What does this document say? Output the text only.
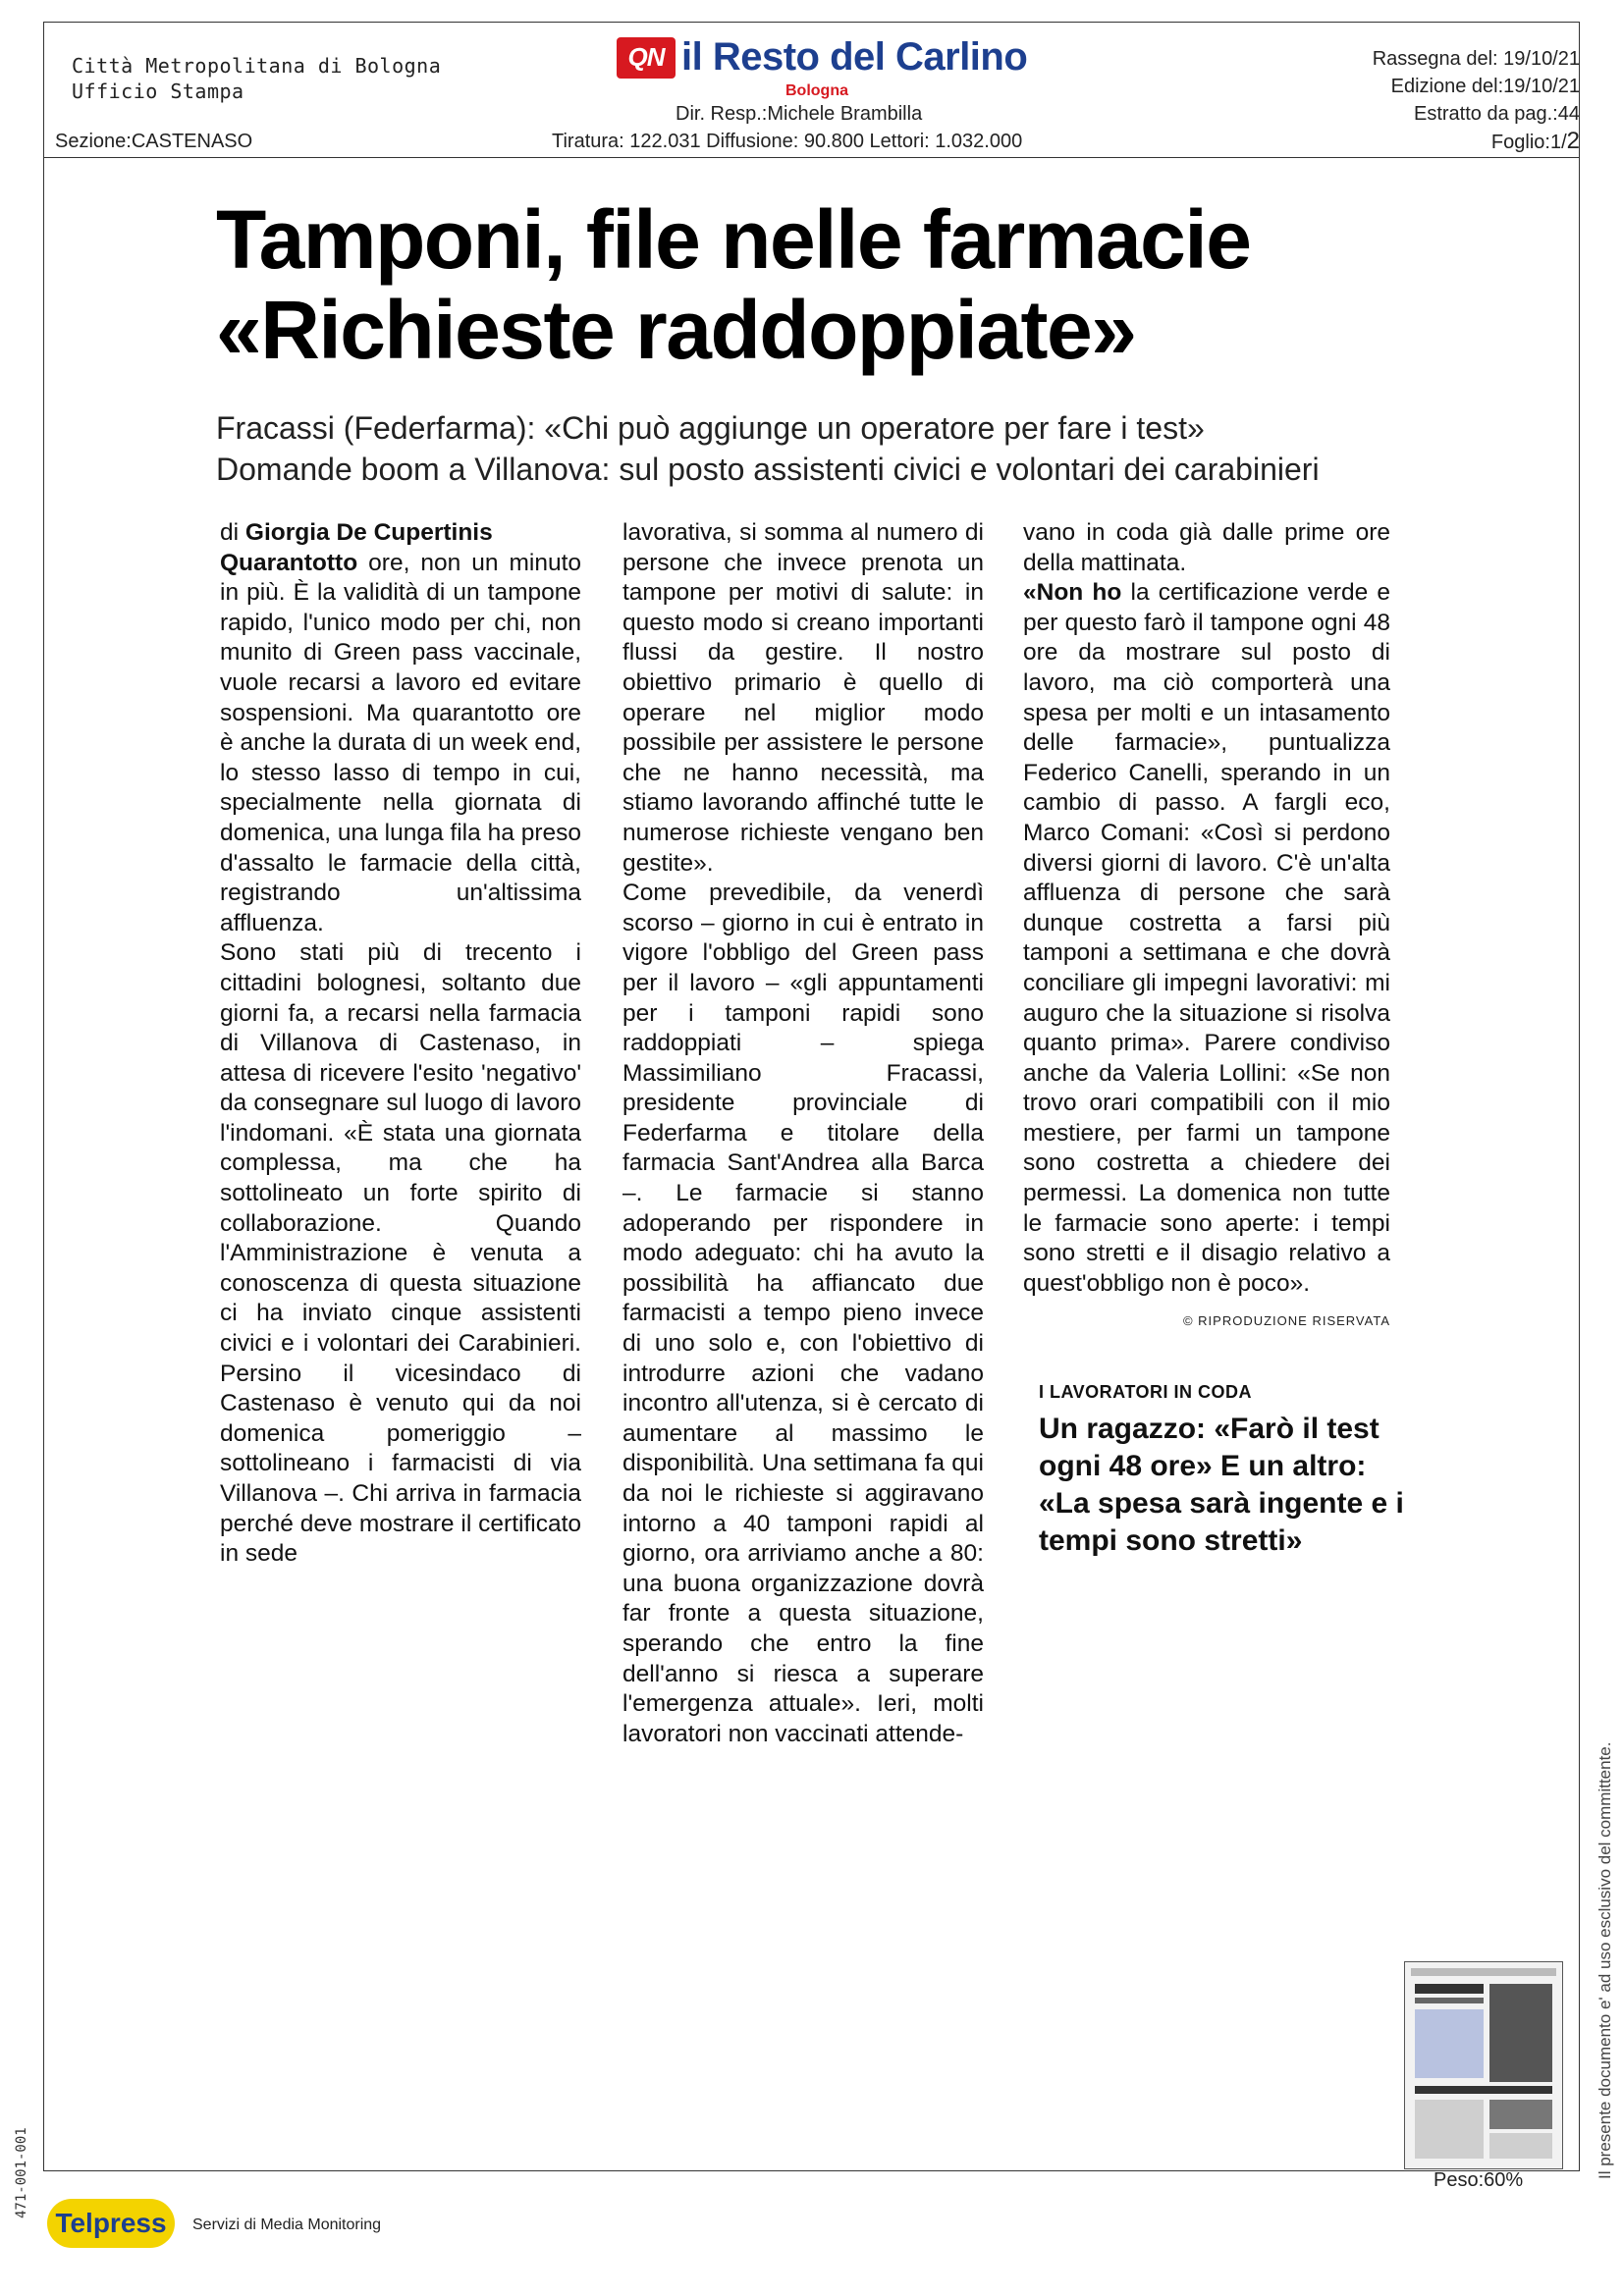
Città Metropolitana di Bologna
Ufficio Stampa
Sezione:CASTENASO
QN il Resto del Carlino
Bologna
Dir. Resp.:Michele Brambilla
Tiratura: 122.031 Diffusione: 90.800 Lettori: 1.032.000
Rassegna del: 19/10/21
Edizione del:19/10/21
Estratto da pag.:44
Foglio:1/2
Tamponi, file nelle farmacie
«Richieste raddoppiate»
Fracassi (Federfarma): «Chi può aggiunge un operatore per fare i test»
Domande boom a Villanova: sul posto assistenti civici e volontari dei carabinieri

di Giorgia De Cupertinis

Quarantotto ore, non un minuto in più. È la validità di un tampone rapido, l'unico modo per chi, non munito di Green pass vaccinale, vuole recarsi a lavoro ed evitare sospensioni. Ma quarantotto ore è anche la durata di un week end, lo stesso lasso di tempo in cui, specialmente nella giornata di domenica, una lunga fila ha preso d'assalto le farmacie della città, registrando un'altissima affluenza.

Sono stati più di trecento i cittadini bolognesi, soltanto due giorni fa, a recarsi nella farmacia di Villanova di Castenaso, in attesa di ricevere l'esito 'negativo' da consegnare sul luogo di lavoro l'indomani. «È stata una giornata complessa, ma che ha sottolineato un forte spirito di collaborazione. Quando l'Amministrazione è venuta a conoscenza di questa situazione ci ha inviato cinque assistenti civici e i volontari dei Carabinieri. Persino il vicesindaco di Castenaso è venuto qui da noi domenica pomeriggio – sottolineano i farmacisti di via Villanova –. Chi arriva in farmacia perché deve mostrare il certificato in sede

lavorativa, si somma al numero di persone che invece prenota un tampone per motivi di salute: in questo modo si creano importanti flussi da gestire. Il nostro obiettivo primario è quello di operare nel miglior modo possibile per assistere le persone che ne hanno necessità, ma stiamo lavorando affinché tutte le numerose richieste vengano ben gestite».

Come prevedibile, da venerdì scorso – giorno in cui è entrato in vigore l'obbligo del Green pass per il lavoro – «gli appuntamenti per i tamponi rapidi sono raddoppiati – spiega Massimiliano Fracassi, presidente provinciale di Federfarma e titolare della farmacia Sant'Andrea alla Barca –. Le farmacie si stanno adoperando per rispondere in modo adeguato: chi ha avuto la possibilità ha affiancato due farmacisti a tempo pieno invece di uno solo e, con l'obiettivo di introdurre azioni che vadano incontro all'utenza, si è cercato di aumentare al massimo le disponibilità. Una settimana fa qui da noi le richieste si aggiravano intorno a 40 tamponi rapidi al giorno, ora arriviamo anche a 80: una buona organizzazione dovrà far fronte a questa situazione, sperando che entro la fine dell'anno si riesca a superare l'emergenza attuale». Ieri, molti lavoratori non vaccinati attende-

vano in coda già dalle prime ore della mattinata.

«Non ho la certificazione verde e per questo farò il tampone ogni 48 ore da mostrare sul posto di lavoro, ma ciò comporterà una spesa per molti e un intasamento delle farmacie», puntualizza Federico Canelli, sperando in un cambio di passo. A fargli eco, Marco Comani: «Così si perdono diversi giorni di lavoro. C'è un'alta affluenza di persone che sarà dunque costretta a farsi più tamponi a settimana e che dovrà conciliare gli impegni lavorativi: mi auguro che la situazione si risolva quanto prima». Parere condiviso anche da Valeria Lollini: «Se non trovo orari compatibili con il mio mestiere, per farmi un tampone sono costretta a chiedere dei permessi. La domenica non tutte le farmacie sono aperte: i tempi sono stretti e il disagio relativo a quest'obbligo non è poco».

© RIPRODUZIONE RISERVATA
I LAVORATORI IN CODA
Un ragazzo: «Farò il test ogni 48 ore» E un altro: «La spesa sarà ingente e i tempi sono stretti»
Peso:60%
Il presente documento e' ad uso esclusivo del committente.
471-001-001
Telpress Servizi di Media Monitoring
